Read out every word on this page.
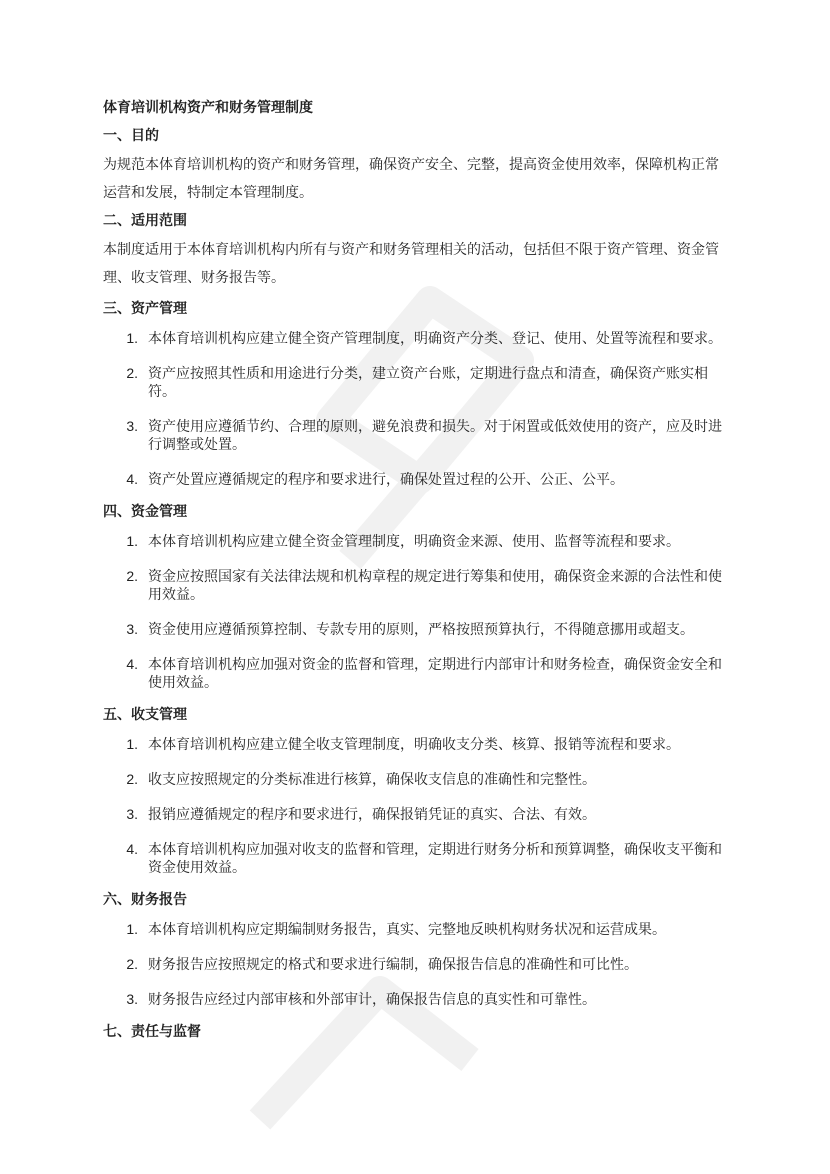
体育培训机构资产和财务管理制度
一、目的
为规范本体育培训机构的资产和财务管理，确保资产安全、完整，提高资金使用效率，保障机构正常运营和发展，特制定本管理制度。
二、适用范围
本制度适用于本体育培训机构内所有与资产和财务管理相关的活动，包括但不限于资产管理、资金管理、收支管理、财务报告等。
三、资产管理
1. 本体育培训机构应建立健全资产管理制度，明确资产分类、登记、使用、处置等流程和要求。
2. 资产应按照其性质和用途进行分类，建立资产台账，定期进行盘点和清查，确保资产账实相符。
3. 资产使用应遵循节约、合理的原则，避免浪费和损失。对于闲置或低效使用的资产，应及时进行调整或处置。
4. 资产处置应遵循规定的程序和要求进行，确保处置过程的公开、公正、公平。
四、资金管理
1. 本体育培训机构应建立健全资金管理制度，明确资金来源、使用、监督等流程和要求。
2. 资金应按照国家有关法律法规和机构章程的规定进行筹集和使用，确保资金来源的合法性和使用效益。
3. 资金使用应遵循预算控制、专款专用的原则，严格按照预算执行，不得随意挪用或超支。
4. 本体育培训机构应加强对资金的监督和管理，定期进行内部审计和财务检查，确保资金安全和使用效益。
五、收支管理
1. 本体育培训机构应建立健全收支管理制度，明确收支分类、核算、报销等流程和要求。
2. 收支应按照规定的分类标准进行核算，确保收支信息的准确性和完整性。
3. 报销应遵循规定的程序和要求进行，确保报销凭证的真实、合法、有效。
4. 本体育培训机构应加强对收支的监督和管理，定期进行财务分析和预算调整，确保收支平衡和资金使用效益。
六、财务报告
1. 本体育培训机构应定期编制财务报告，真实、完整地反映机构财务状况和运营成果。
2. 财务报告应按照规定的格式和要求进行编制，确保报告信息的准确性和可比性。
3. 财务报告应经过内部审核和外部审计，确保报告信息的真实性和可靠性。
七、责任与监督
